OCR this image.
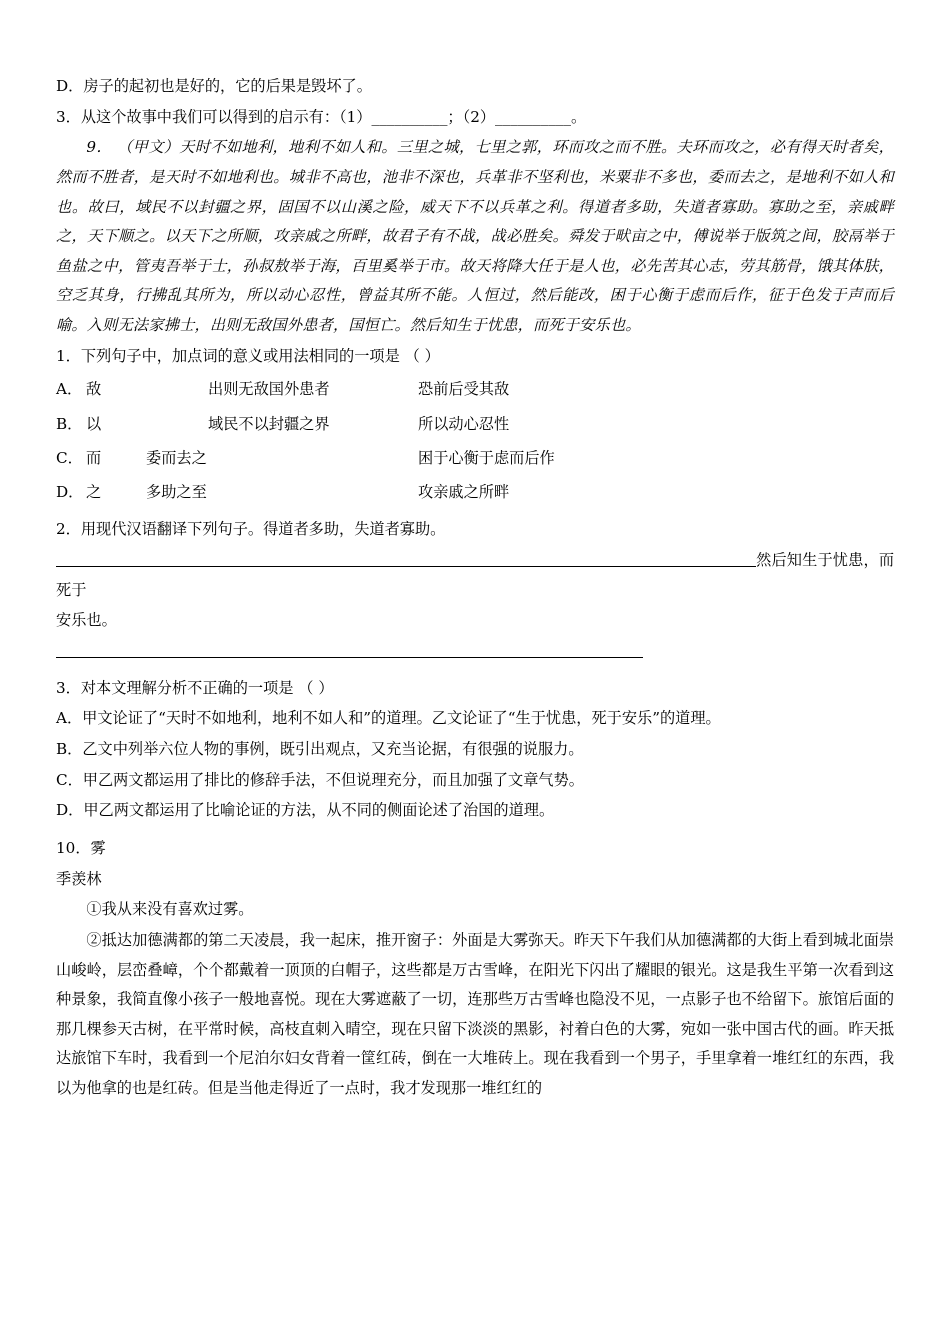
D．房子的起初也是好的，它的后果是毁坏了。
3．从这个故事中我们可以得到的启示有：（1）__________；（2）__________。
9． （甲文）天时不如地利，地利不如人和。三里之城，七里之郭，环而攻之而不胜。夫环而攻之，必有得天时者矣，然而不胜者，是天时不如地利也。城非不高也，池非不深也，兵革非不坚利也，米粟非不多也，委而去之，是地利不如人和也。故曰，域民不以封疆之界，固国不以山溪之险，威天下不以兵革之利。得道者多助，失道者寡助。寡助之至，亲戚畔之，天下顺之。以天下之所顺，攻亲戚之所畔，故君子有不战，战必胜矣。舜发于畎亩之中，傅说举于版筑之间，胶鬲举于鱼盐之中，管夷吾举于士，孙叔敖举于海，百里奚举于市。故天将降大任于是人也，必先苦其心志，劳其筋骨，饿其体肤，空乏其身，行拂乱其所为，所以动心忍性，曾益其所不能。人恒过，然后能改，困于心衡于虑而后作，征于色发于声而后喻。入则无法家拂士，出则无敌国外患者，国恒亡。然后知生于忧患，而死于安乐也。
1．下列句子中，加点词的意义或用法相同的一项是 （ ）
A． 敌	出则无敌国外患者	恐前后受其敌
B． 以	域民不以封疆之界	所以动心忍性
C． 而	委而去之	困于心衡于虑而后作
D． 之	多助之至	攻亲戚之所畔
2．用现代汉语翻译下列句子。得道者多助，失道者寡助。
然后知生于忧患，而死于
安乐也。
3．对本文理解分析不正确的一项是 （ ）
A．甲文论证了“天时不如地利，地利不如人和”的道理。乙文论证了“生于忧患，死于安乐”的道理。
B．乙文中列举六位人物的事例，既引出观点，又充当论据，有很强的说服力。
C．甲乙两文都运用了排比的修辞手法，不但说理充分，而且加强了文章气势。
D．甲乙两文都运用了比喻论证的方法，从不同的侧面论述了治国的道理。
10．雾
季羡林
①我从来没有喜欢过雾。
②抵达加德满都的第二天凌晨，我一起床，推开窗子：外面是大雾弥天。昨天下午我们从加德满都的大街上看到城北面崇山峻岭，层峦叠嶂，个个都戴着一顶顶的白帽子，这些都是万古雪峰，在阳光下闪出了耀眼的银光。这是我生平第一次看到这种景象，我简直像小孩子一般地喜悦。现在大雾遮蔽了一切，连那些万古雪峰也隐没不见，一点影子也不给留下。旅馆后面的那几棵参天古树，在平常时候，高枝直刺入晴空，现在只留下淡淡的黑影，衬着白色的大雾，宛如一张中国古代的画。昨天抵达旅馆下车时，我看到一个尼泊尔妇女背着一筐红砖，倒在一大堆砖上。现在我看到一个男子，手里拿着一堆红红的东西，我以为他拿的也是红砖。但是当他走得近了一点时，我才发现那一堆红红的
